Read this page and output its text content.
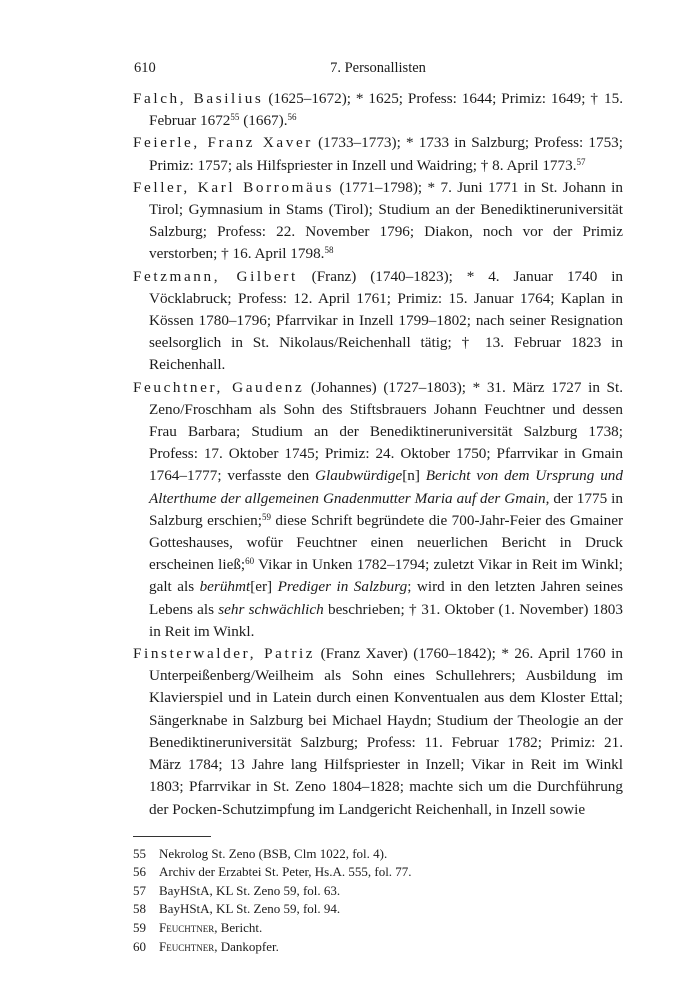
610	7. Personallisten

Falch, Basilius (1625–1672); * 1625; Profess: 1644; Primiz: 1649; † 15. Februar 1672$^{55}$ (1667).$^{56}$

Feierle, Franz Xaver (1733–1773); * 1733 in Salzburg; Profess: 1753; Primiz: 1757; als Hilfspriester in Inzell und Waidring; † 8. April 1773.57

Feller, Karl Borromäus (1771–1798); * 7. Juni 1771 in St. Johann in Tirol; Gymnasium in Stams (Tirol); Studium an der Benediktineruniversität Salzburg; Profess: 22. November 1796; Diakon, noch vor der Primiz verstorben; † 16. April 1798.58

Fetzmann, Gilbert (Franz) (1740–1823); * 4. Januar 1740 in Vöcklabruck; Profess: 12. April 1761; Primiz: 15. Januar 1764; Kaplan in Kössen 1780–1796; Pfarrvikar in Inzell 1799–1802; nach seiner Resignation seelsorglich in St. Nikolaus/Reichenhall tätig; † 13. Februar 1823 in Reichenhall.

Feuchtner, Gaudenz (Johannes) (1727–1803); * 31. März 1727 in St. Zeno/Froschham als Sohn des Stiftsbrauers Johann Feuchtner und dessen Frau Barbara; Studium an der Benediktineruniversität Salzburg 1738; Profess: 17. Oktober 1745; Primiz: 24. Oktober 1750; Pfarrvikar in Gmain 1764–1777; verfasste den Glaubwürdige[n] Bericht von dem Ursprung und Alterthume der allgemeinen Gnadenmutter Maria auf der Gmain, der 1775 in Salzburg erschien;$^{59}$ diese Schrift begründete die 700-Jahr-Feier des Gmainer Gotteshauses, wofür Feuchtner einen neuerlichen Bericht in Druck erscheinen ließ;$^{60}$ Vikar in Unken 1782–1794; zuletzt Vikar in Reit im Winkl; galt als berühmt[er] Prediger in Salzburg; wird in den letzten Jahren seines Lebens als sehr schwächlich beschrieben; † 31. Oktober (1. November) 1803 in Reit im Winkl.

Finsterwalder, Patriz (Franz Xaver) (1760–1842); * 26. April 1760 in Unterpeißenberg/Weilheim als Sohn eines Schullehrers; Ausbildung im Klavierspiel und in Latein durch einen Konventualen aus dem Kloster Ettal; Sängerknabe in Salzburg bei Michael Haydn; Studium der Theologie an der Benediktineruniversität Salzburg; Profess: 11. Februar 1782; Primiz: 21. März 1784; 13 Jahre lang Hilfspriester in Inzell; Vikar in Reit im Winkl 1803; Pfarrvikar in St. Zeno 1804–1828; machte sich um die Durchführung der Pocken-Schutzimpfung im Landgericht Reichenhall, in Inzell sowie

55	Nekrolog St. Zeno (BSB, Clm 1022, fol. 4).
56	Archiv der Erzabtei St. Peter, Hs.A. 555, fol. 77.
57	BayHStA, KL St. Zeno 59, fol. 63.
58	BayHStA, KL St. Zeno 59, fol. 94.
59	Feuchtner, Bericht.
60	Feuchtner, Dankopfer.
